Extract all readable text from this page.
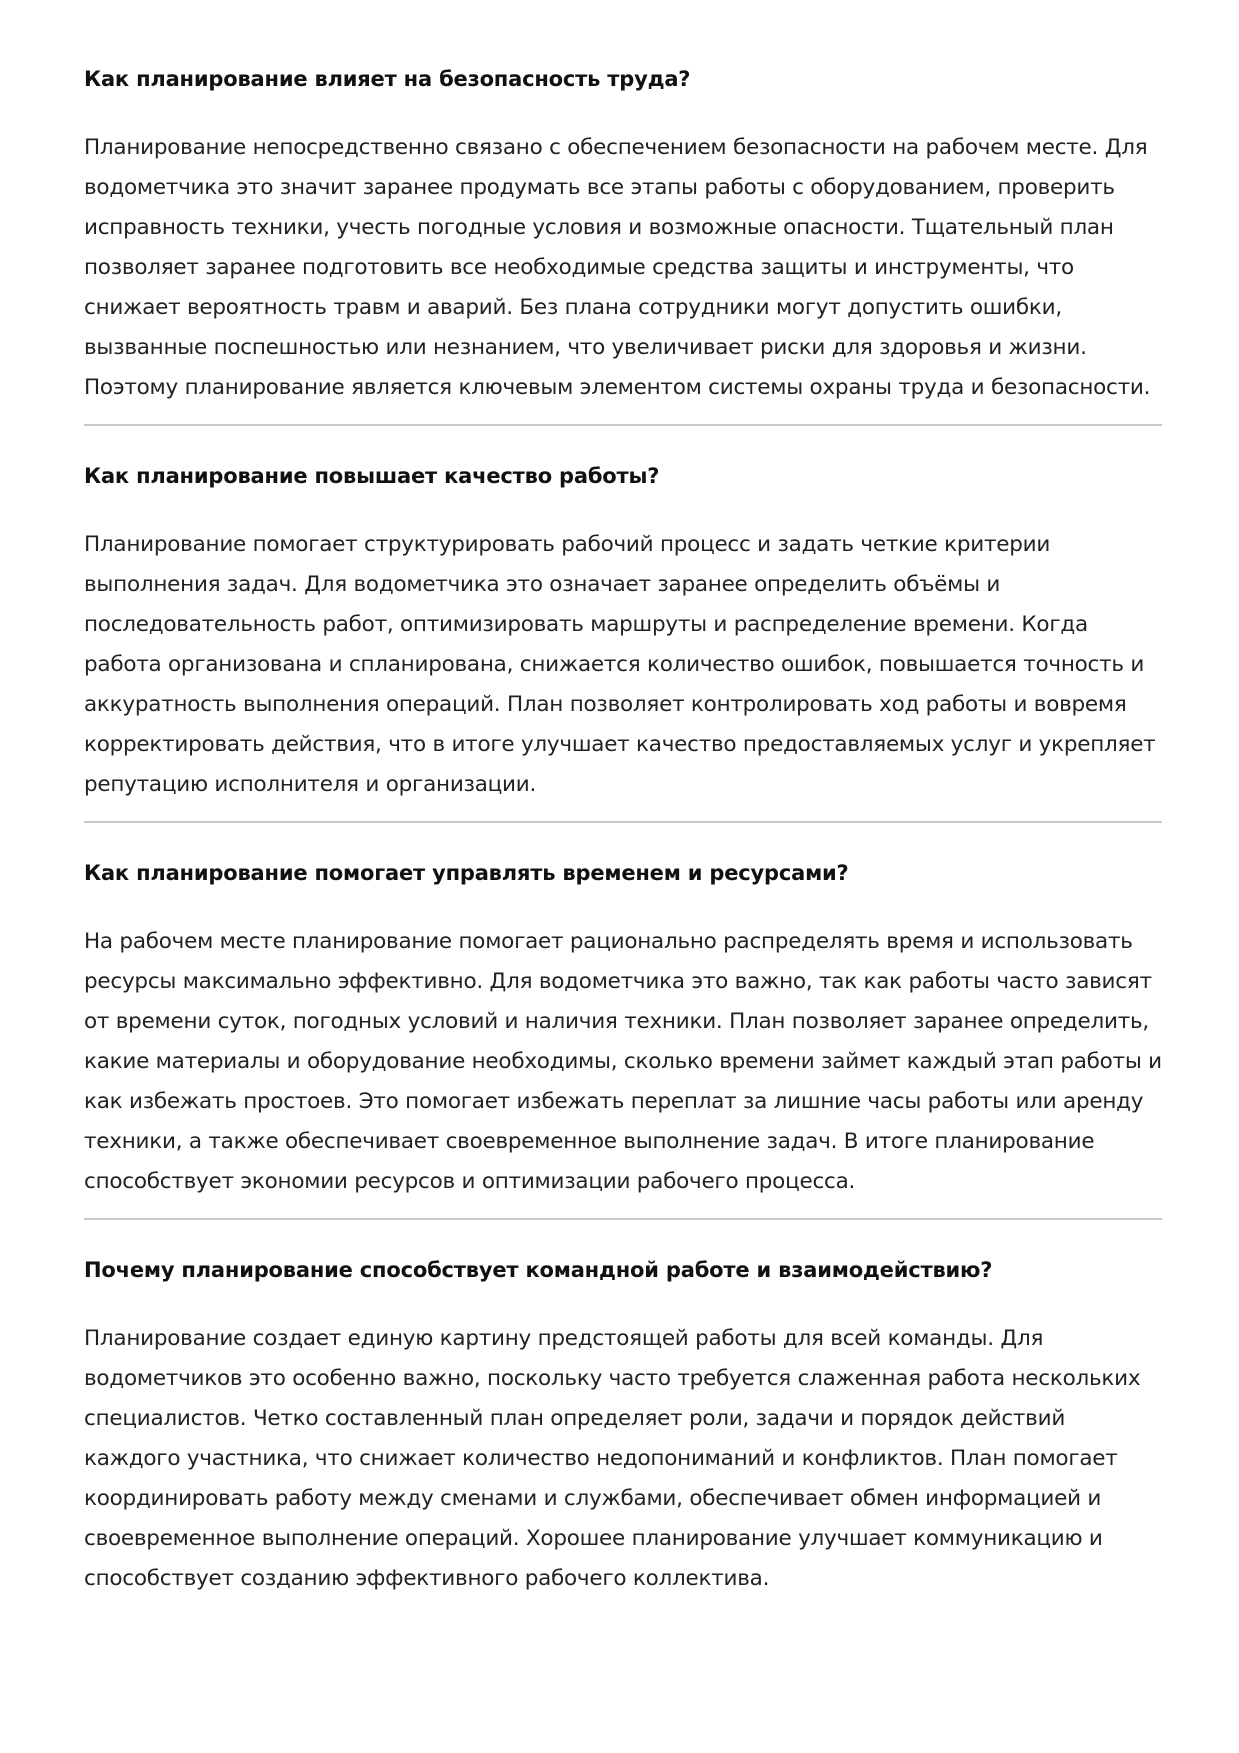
Как планирование влияет на безопасность труда?

Планирование непосредственно связано с обеспечением безопасности на рабочем месте. Для водометчика это значит заранее продумать все этапы работы с оборудованием, проверить исправность техники, учесть погодные условия и возможные опасности. Тщательный план позволяет заранее подготовить все необходимые средства защиты и инструменты, что снижает вероятность травм и аварий. Без плана сотрудники могут допустить ошибки, вызванные поспешностью или незнанием, что увеличивает риски для здоровья и жизни. Поэтому планирование является ключевым элементом системы охраны труда и безопасности.

Как планирование повышает качество работы?

Планирование помогает структурировать рабочий процесс и задать четкие критерии выполнения задач. Для водометчика это означает заранее определить объёмы и последовательность работ, оптимизировать маршруты и распределение времени. Когда работа организована и спланирована, снижается количество ошибок, повышается точность и аккуратность выполнения операций. План позволяет контролировать ход работы и вовремя корректировать действия, что в итоге улучшает качество предоставляемых услуг и укрепляет репутацию исполнителя и организации.

Как планирование помогает управлять временем и ресурсами?

На рабочем месте планирование помогает рационально распределять время и использовать ресурсы максимально эффективно. Для водометчика это важно, так как работы часто зависят от времени суток, погодных условий и наличия техники. План позволяет заранее определить, какие материалы и оборудование необходимы, сколько времени займет каждый этап работы и как избежать простоев. Это помогает избежать переплат за лишние часы работы или аренду техники, а также обеспечивает своевременное выполнение задач. В итоге планирование способствует экономии ресурсов и оптимизации рабочего процесса.

Почему планирование способствует командной работе и взаимодействию?

Планирование создает единую картину предстоящей работы для всей команды. Для водометчиков это особенно важно, поскольку часто требуется слаженная работа нескольких специалистов. Четко составленный план определяет роли, задачи и порядок действий каждого участника, что снижает количество недопониманий и конфликтов. План помогает координировать работу между сменами и службами, обеспечивает обмен информацией и своевременное выполнение операций. Хорошее планирование улучшает коммуникацию и способствует созданию эффективного рабочего коллектива.
